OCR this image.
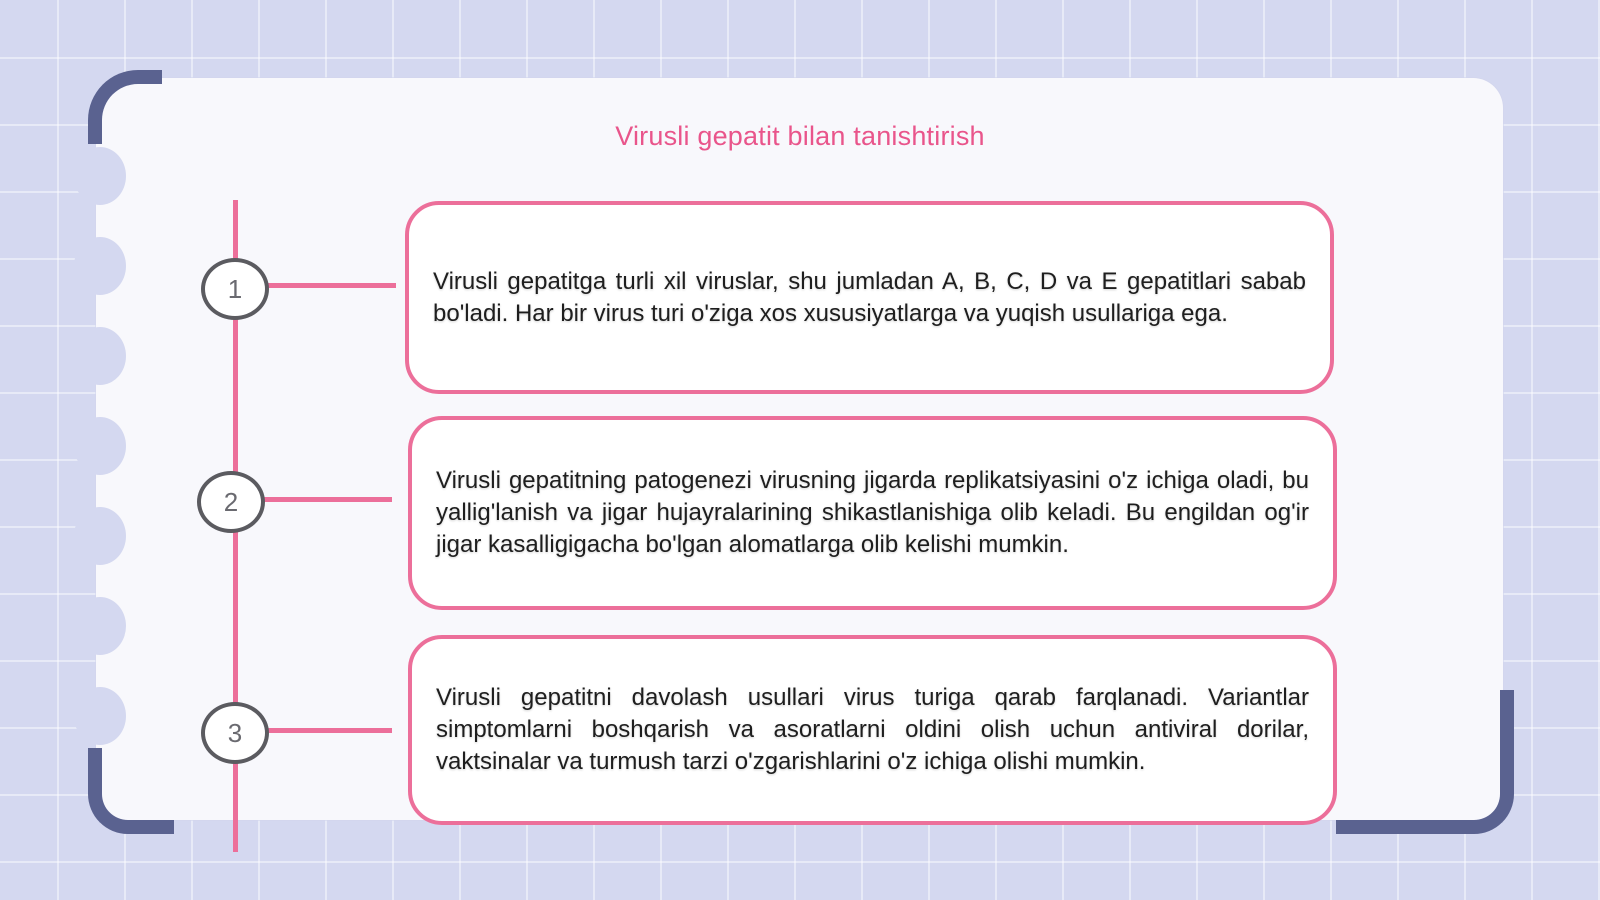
Virusli gepatit bilan tanishtirish
1
2
3

Virusli gepatitga turli xil viruslar, shu jumladan A, B, C, D va E gepatitlari sabab bo'ladi. Har bir virus turi o'ziga xos xususiyatlarga va yuqish usullariga ega.

Virusli gepatitning patogenezi virusning jigarda replikatsiyasini o'z ichiga oladi, bu yallig'lanish va jigar hujayralarining shikastlanishiga olib keladi. Bu engildan og'ir jigar kasalligigacha bo'lgan alomatlarga olib kelishi mumkin.

Virusli gepatitni davolash usullari virus turiga qarab farqlanadi. Variantlar simptomlarni boshqarish va asoratlarni oldini olish uchun antiviral dorilar, vaktsinalar va turmush tarzi o'zgarishlarini o'z ichiga olishi mumkin.
